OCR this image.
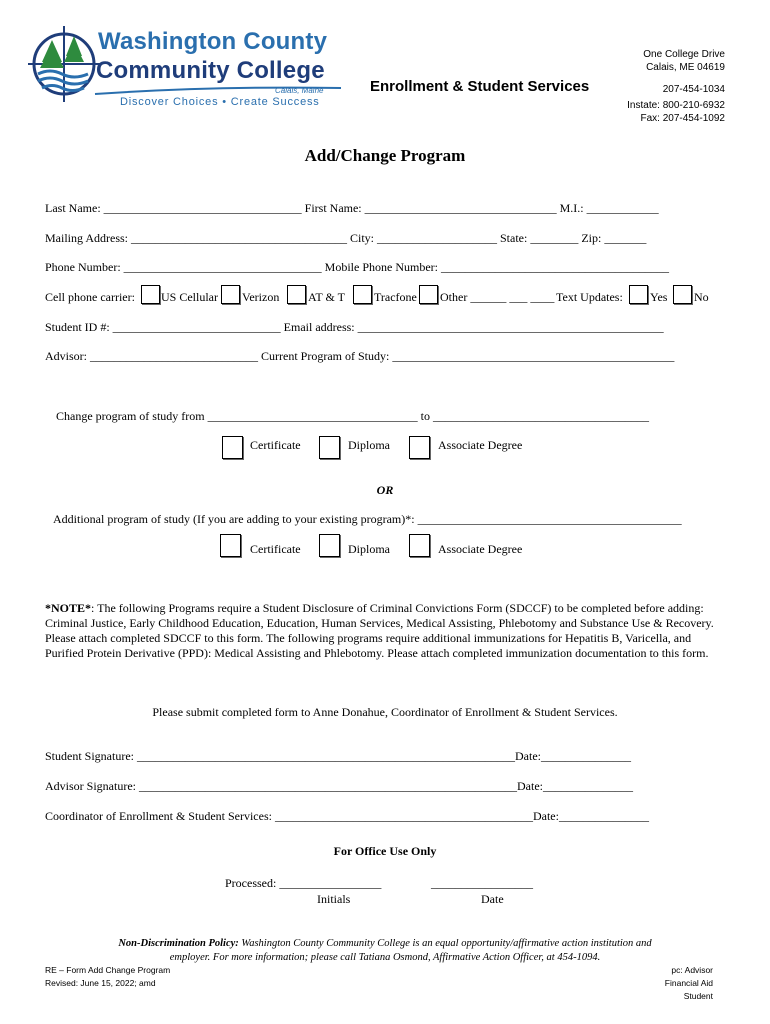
Washington County
Community College
Calais, Maine
Discover Choices • Create Success
Enrollment & Student Services
One College Drive
Calais, ME 04619
207-454-1034
Instate: 800-210-6932
Fax: 207-454-1092
Add/Change Program
Last Name: _________________________________ First Name: ________________________________ M.I.: ____________
Mailing Address: ____________________________________ City: ____________________ State: ________ Zip: _______
Phone Number: _________________________________ Mobile Phone Number: ______________________________________
Cell phone carrier: US Cellular Verizon AT & T Tracfone Other ______ ___ ____ Text Updates: Yes No
Student ID #: ____________________________ Email address: ___________________________________________________
Advisor: ____________________________ Current Program of Study: _______________________________________________
Change program of study from ___________________________________ to ____________________________________
Certificate	Diploma	Associate Degree
OR
Additional program of study (If you are adding to your existing program)*: ____________________________________________
Certificate	Diploma	Associate Degree
*NOTE*: The following Programs require a Student Disclosure of Criminal Convictions Form (SDCCF) to be completed before adding: Criminal Justice, Early Childhood Education, Education, Human Services, Medical Assisting, Phlebotomy and Substance Use & Recovery. Please attach completed SDCCF to this form. The following programs require additional immunizations for Hepatitis B, Varicella, and Purified Protein Derivative (PPD): Medical Assisting and Phlebotomy. Please attach completed immunization documentation to this form.
Please submit completed form to Anne Donahue, Coordinator of Enrollment & Student Services.
Student Signature: _______________________________________________________________Date:_______________
Advisor Signature: _______________________________________________________________Date:_______________
Coordinator of Enrollment & Student Services: ___________________________________________Date:_______________
For Office Use Only
Processed: _________________	_________________
Initials	Date
Non-Discrimination Policy: Washington County Community College is an equal opportunity/affirmative action institution and employer. For more information; please call Tatiana Osmond, Affirmative Action Officer, at 454-1094.
RE – Form Add Change Program
Revised: June 15, 2022; amd
pc: Advisor
Financial Aid
Student
